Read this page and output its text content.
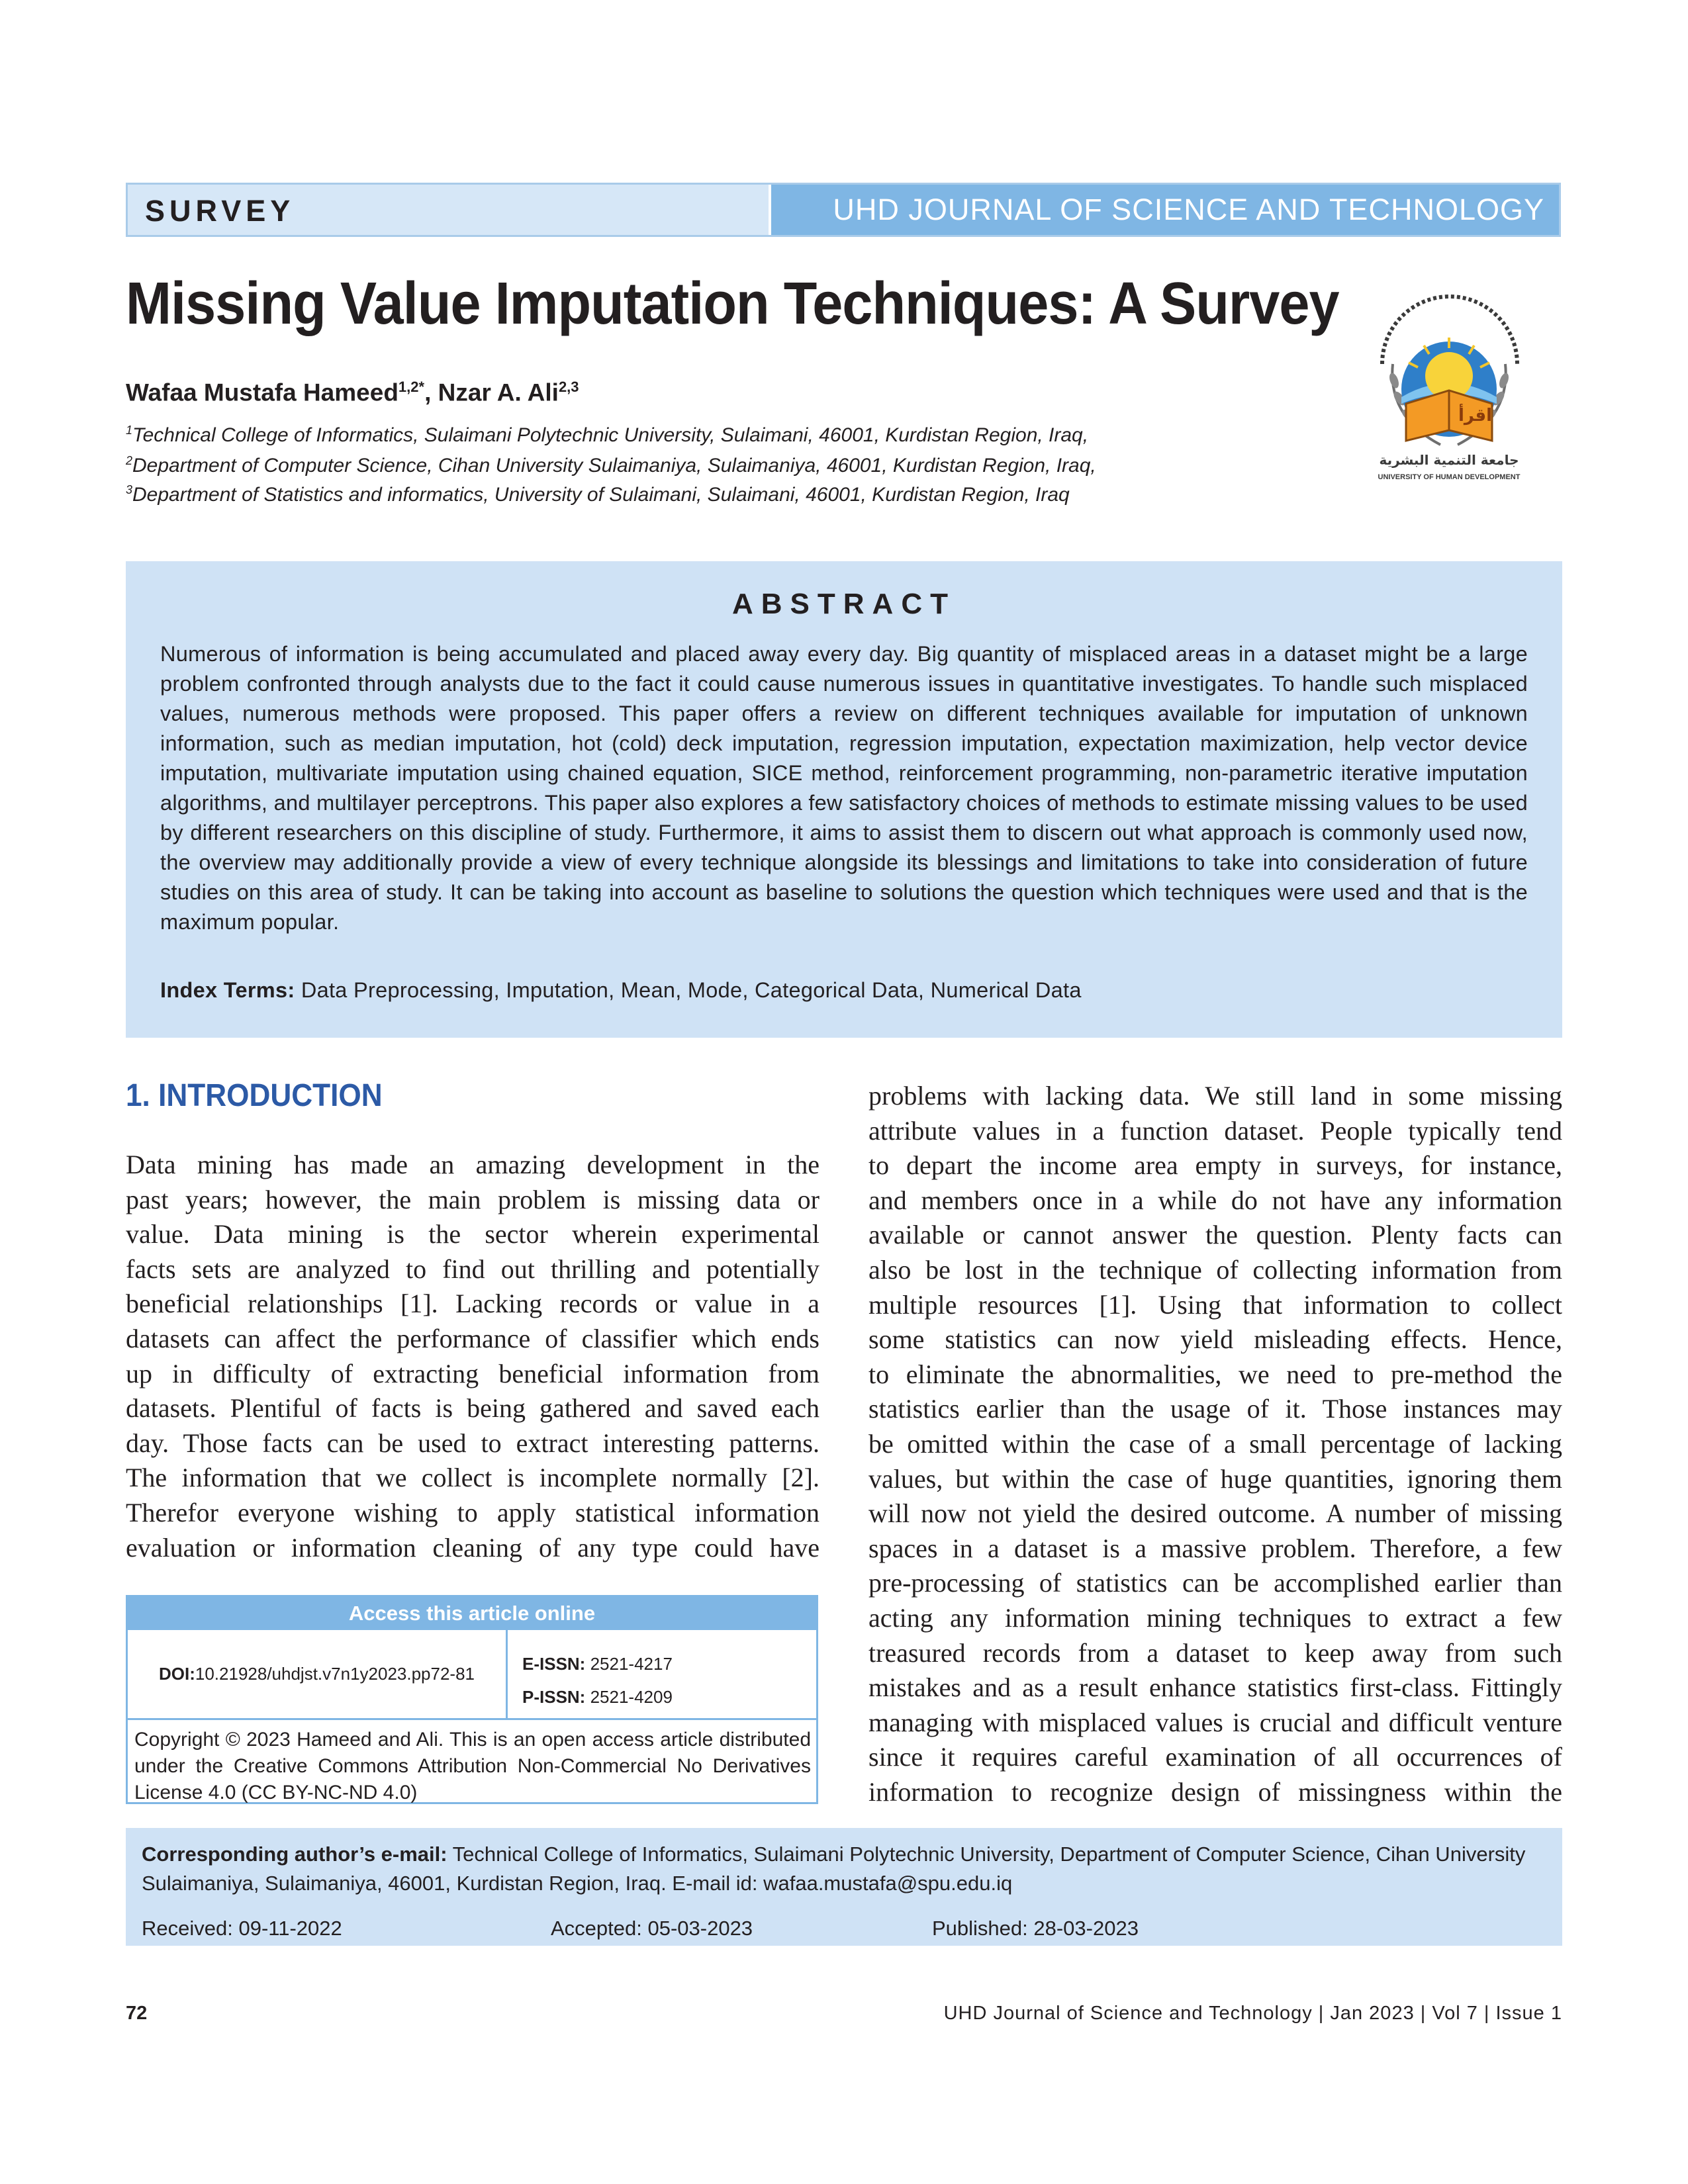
SURVEY	UHD JOURNAL OF SCIENCE AND TECHNOLOGY
Missing Value Imputation Techniques: A Survey
Wafaa Mustafa Hameed$^{1,2*}$, Nzar A. Ali$^{2,3}$
$^1$Technical College of Informatics, Sulaimani Polytechnic University, Sulaimani, 46001, Kurdistan Region, Iraq,
$^2$Department of Computer Science, Cihan University Sulaimaniya, Sulaimaniya, 46001, Kurdistan Region, Iraq,
$^3$Department of Statistics and informatics, University of Sulaimani, Sulaimani, 46001, Kurdistan Region, Iraq
اقرأ
جامعة التنمية البشرية
UNIVERSITY OF HUMAN DEVELOPMENT
ABSTRACT
Numerous of information is being accumulated and placed away every day. Big quantity of misplaced areas in a dataset might be a large problem confronted through analysts due to the fact it could cause numerous issues in quantitative investigates. To handle such misplaced values, numerous methods were proposed. This paper offers a review on different techniques available for imputation of unknown information, such as median imputation, hot (cold) deck imputation, regression imputation, expectation maximization, help vector device imputation, multivariate imputation using chained equation, SICE method, reinforcement programming, non-parametric iterative imputation algorithms, and multilayer perceptrons. This paper also explores a few satisfactory choices of methods to estimate missing values to be used by different researchers on this discipline of study. Furthermore, it aims to assist them to discern out what approach is commonly used now, the overview may additionally provide a view of every technique alongside its blessings and limitations to take into consideration of future studies on this area of study. It can be taking into account as baseline to solutions the question which techniques were used and that is the maximum popular.
Index Terms: Data Preprocessing, Imputation, Mean, Mode, Categorical Data, Numerical Data
1. INTRODUCTION

Data mining has made an amazing development in the

past years; however, the main problem is missing data or

value. Data mining is the sector wherein experimental

facts sets are analyzed to find out thrilling and potentially

beneficial relationships [1]. Lacking records or value in a

datasets can affect the performance of classifier which ends

up in difficulty of extracting beneficial information from

datasets. Plentiful of facts is being gathered and saved each

day. Those facts can be used to extract interesting patterns.

The information that we collect is incomplete normally [2].

Therefor everyone wishing to apply statistical information

evaluation or information cleaning of any type could have

problems with lacking data. We still land in some missing

attribute values in a function dataset. People typically tend

to depart the income area empty in surveys, for instance,

and members once in a while do not have any information

available or cannot answer the question. Plenty facts can

also be lost in the technique of collecting information from

multiple resources [1]. Using that information to collect

some statistics can now yield misleading effects. Hence,

to eliminate the abnormalities, we need to pre-method the

statistics earlier than the usage of it. Those instances may

be omitted within the case of a small percentage of lacking

values, but within the case of huge quantities, ignoring them

will now not yield the desired outcome. A number of missing

spaces in a dataset is a massive problem. Therefore, a few

pre-processing of statistics can be accomplished earlier than

acting any information mining techniques to extract a few

treasured records from a dataset to keep away from such

mistakes and as a result enhance statistics first-class. Fittingly

managing with misplaced values is crucial and difficult venture

since it requires careful examination of all occurrences of

information to recognize design of missingness within the

Access this article online
DOI: 10.21928/uhdjst.v7n1y2023.pp72-81	E-ISSN: 2521-4217
P-ISSN: 2521-4209
Copyright © 2023 Hameed and Ali. This is an open access article distributed under the Creative Commons Attribution Non-Commercial No Derivatives License 4.0 (CC BY-NC-ND 4.0)
Corresponding author’s e-mail: Technical College of Informatics, Sulaimani Polytechnic University, Department of Computer Science, Cihan University Sulaimaniya, Sulaimaniya, 46001, Kurdistan Region, Iraq. E-mail id: wafaa.mustafa@spu.edu.iq
Received: 09-11-2022	Accepted: 05-03-2023	Published: 28-03-2023
72	UHD Journal of Science and Technology | Jan 2023 | Vol 7 | Issue 1
